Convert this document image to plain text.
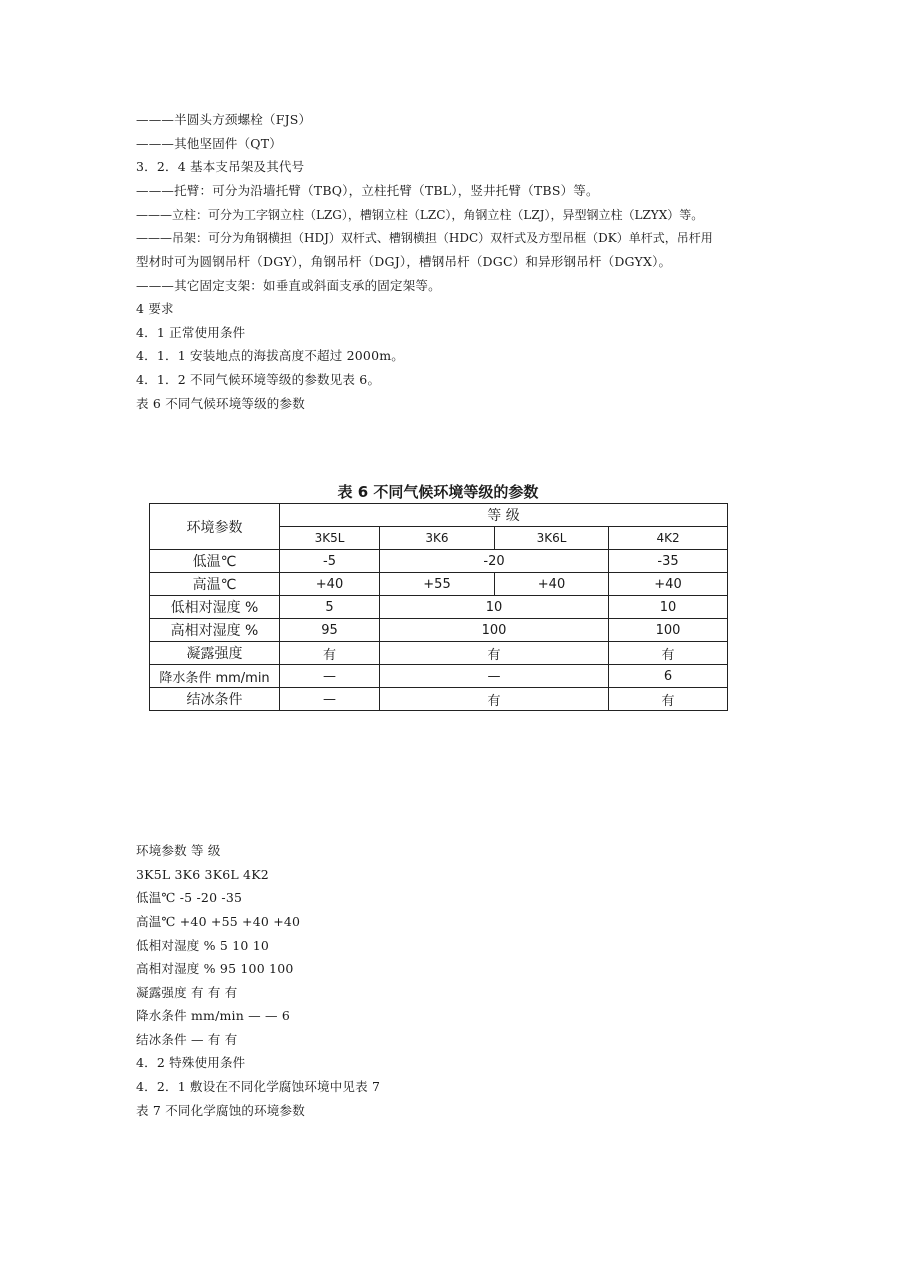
———半圆头方颈螺栓（FJS）
———其他坚固件（QT）
3．2．4 基本支吊架及其代号
———托臂：可分为沿墙托臂（TBQ），立柱托臂（TBL），竖井托臂（TBS）等。
———立柱：可分为工字钢立柱（LZG），槽钢立柱（LZC），角钢立柱（LZJ），异型钢立柱（LZYX）等。
———吊架：可分为角钢横担（HDJ）双杆式、槽钢横担（HDC）双杆式及方型吊框（DK）单杆式，吊杆用
型材时可为圆钢吊杆（DGY），角钢吊杆（DGJ），槽钢吊杆（DGC）和异形钢吊杆（DGYX）。
———其它固定支架：如垂直或斜面支承的固定架等。
4 要求
4．1 正常使用条件
4．1．1 安装地点的海拔高度不超过 2000m。
4．1．2 不同气候环境等级的参数见表 6。
表 6 不同气候环境等级的参数
表 6 不同气候环境等级的参数
环境参数	等 级			
	3K5L	3K6	3K6L	4K2
低温℃	-5	-20		-35
高温℃	+40	+55	+40	+40
低相对湿度 %	5	10		10
高相对湿度 %	95	100		100
凝露强度	有	有		有
降水条件 mm/min	—	—		6
结冰条件	—	有		有
环境参数 等 级
3K5L 3K6 3K6L 4K2
低温℃ -5 -20 -35
高温℃ +40 +55 +40 +40
低相对湿度 % 5 10 10
高相对湿度 % 95 100 100
凝露强度 有 有 有
降水条件 mm/min — — 6
结冰条件 — 有 有
4．2 特殊使用条件
4．2．1 敷设在不同化学腐蚀环境中见表 7
表 7 不同化学腐蚀的环境参数
